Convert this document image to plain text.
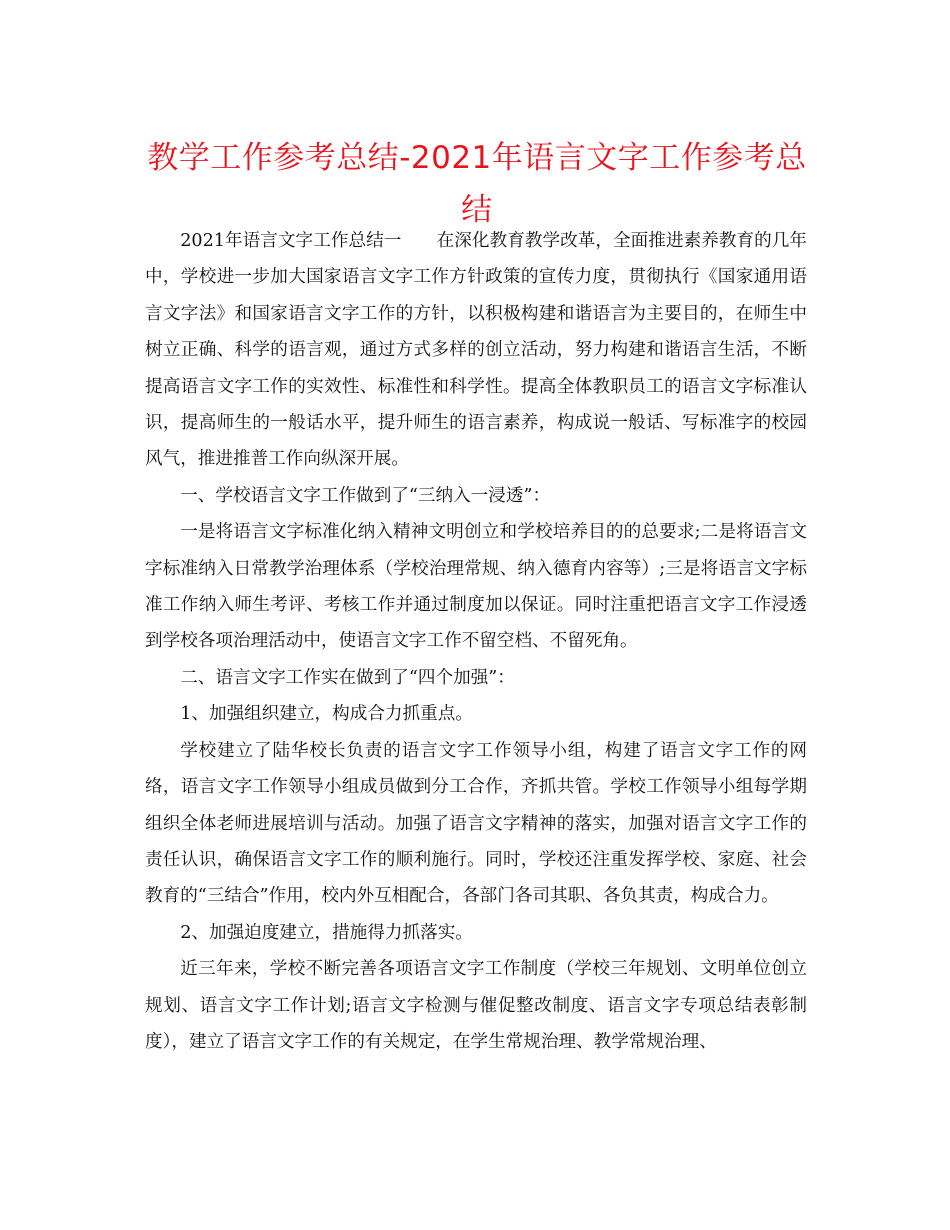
教学工作参考总结-2021年语言文字工作参考总结

2021年语言文字工作总结一　　在深化教育教学改革，全面推进素养教育的几年中，学校进一步加大国家语言文字工作方针政策的宣传力度，贯彻执行《国家通用语言文字法》和国家语言文字工作的方针，以积极构建和谐语言为主要目的，在师生中树立正确、科学的语言观，通过方式多样的创立活动，努力构建和谐语言生活，不断提高语言文字工作的实效性、标准性和科学性。提高全体教职员工的语言文字标准认识，提高师生的一般话水平，提升师生的语言素养，构成说一般话、写标准字的校园风气，推进推普工作向纵深开展。

一、学校语言文字工作做到了“三纳入一浸透”：

一是将语言文字标准化纳入精神文明创立和学校培养目的的总要求;二是将语言文字标准纳入日常教学治理体系（学校治理常规、纳入德育内容等）;三是将语言文字标准工作纳入师生考评、考核工作并通过制度加以保证。同时注重把语言文字工作浸透到学校各项治理活动中，使语言文字工作不留空档、不留死角。

二、语言文字工作实在做到了“四个加强”：

1、加强组织建立，构成合力抓重点。

学校建立了陆华校长负责的语言文字工作领导小组，构建了语言文字工作的网络，语言文字工作领导小组成员做到分工合作，齐抓共管。学校工作领导小组每学期组织全体老师进展培训与活动。加强了语言文字精神的落实，加强对语言文字工作的责任认识，确保语言文字工作的顺利施行。同时，学校还注重发挥学校、家庭、社会教育的“三结合”作用，校内外互相配合，各部门各司其职、各负其责，构成合力。

2、加强迫度建立，措施得力抓落实。

近三年来，学校不断完善各项语言文字工作制度（学校三年规划、文明单位创立规划、语言文字工作计划;语言文字检测与催促整改制度、语言文字专项总结表彰制度），建立了语言文字工作的有关规定，在学生常规治理、教学常规治理、
